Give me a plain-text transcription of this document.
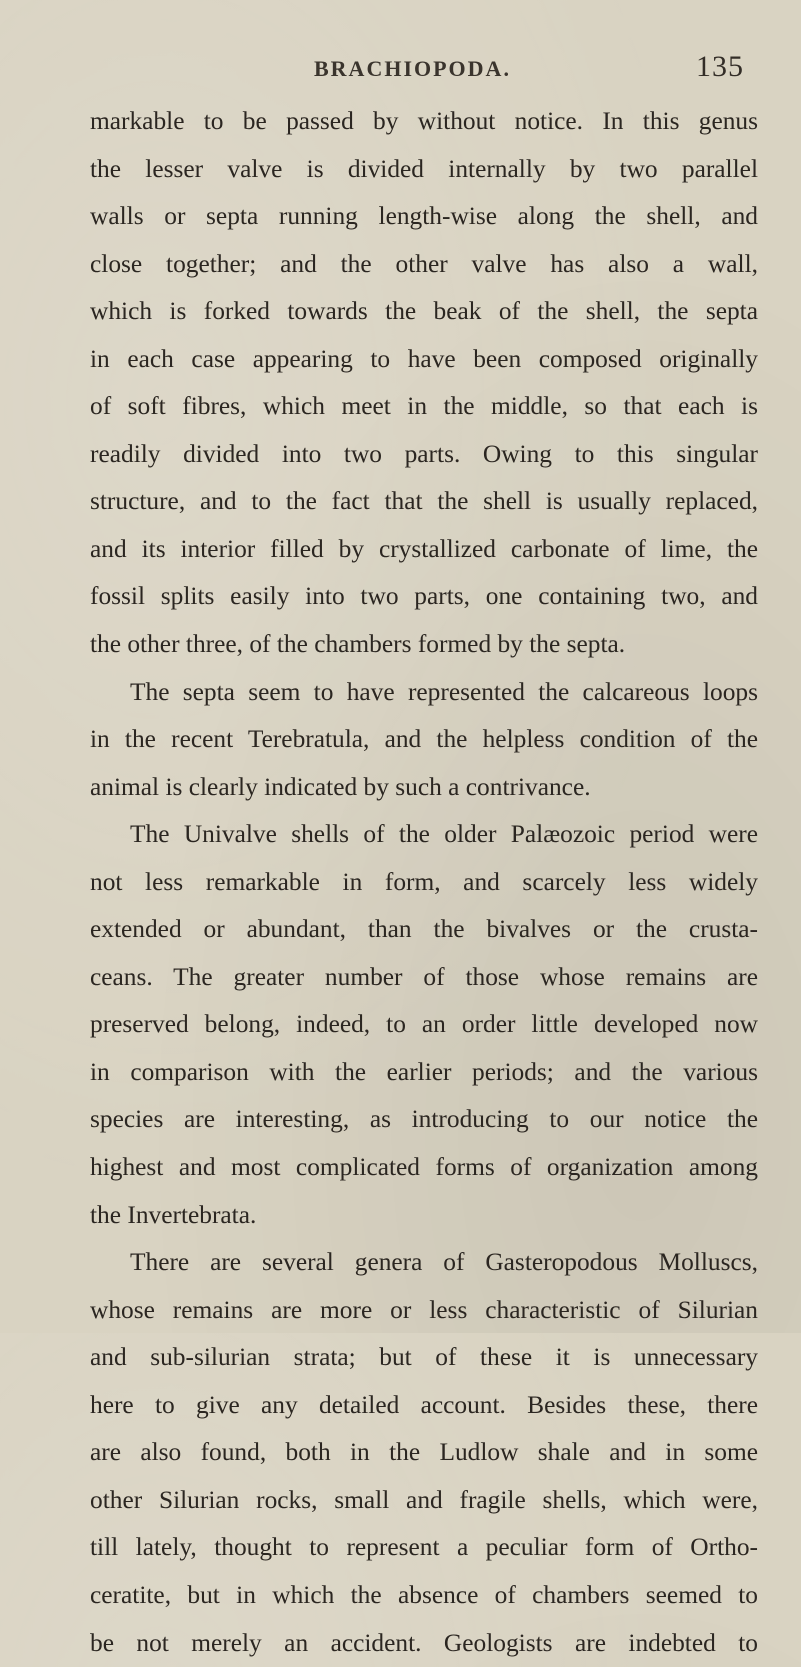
BRACHIOPODA.	135
markable to be passed by without notice. In this genus
the lesser valve is divided internally by two parallel
walls or septa running length-wise along the shell, and
close together; and the other valve has also a wall,
which is forked towards the beak of the shell, the septa
in each case appearing to have been composed originally
of soft fibres, which meet in the middle, so that each is
readily divided into two parts. Owing to this singular
structure, and to the fact that the shell is usually replaced,
and its interior filled by crystallized carbonate of lime, the
fossil splits easily into two parts, one containing two, and
the other three, of the chambers formed by the septa.
The septa seem to have represented the calcareous loops
in the recent Terebratula, and the helpless condition of the
animal is clearly indicated by such a contrivance.
The Univalve shells of the older Palæozoic period were
not less remarkable in form, and scarcely less widely
extended or abundant, than the bivalves or the crusta-
ceans. The greater number of those whose remains are
preserved belong, indeed, to an order little developed now
in comparison with the earlier periods; and the various
species are interesting, as introducing to our notice the
highest and most complicated forms of organization among
the Invertebrata.
There are several genera of Gasteropodous Molluscs,
whose remains are more or less characteristic of Silurian
and sub-silurian strata; but of these it is unnecessary
here to give any detailed account. Besides these, there
are also found, both in the Ludlow shale and in some
other Silurian rocks, small and fragile shells, which were,
till lately, thought to represent a peculiar form of Ortho-
ceratite, but in which the absence of chambers seemed to
be not merely an accident. Geologists are indebted to
